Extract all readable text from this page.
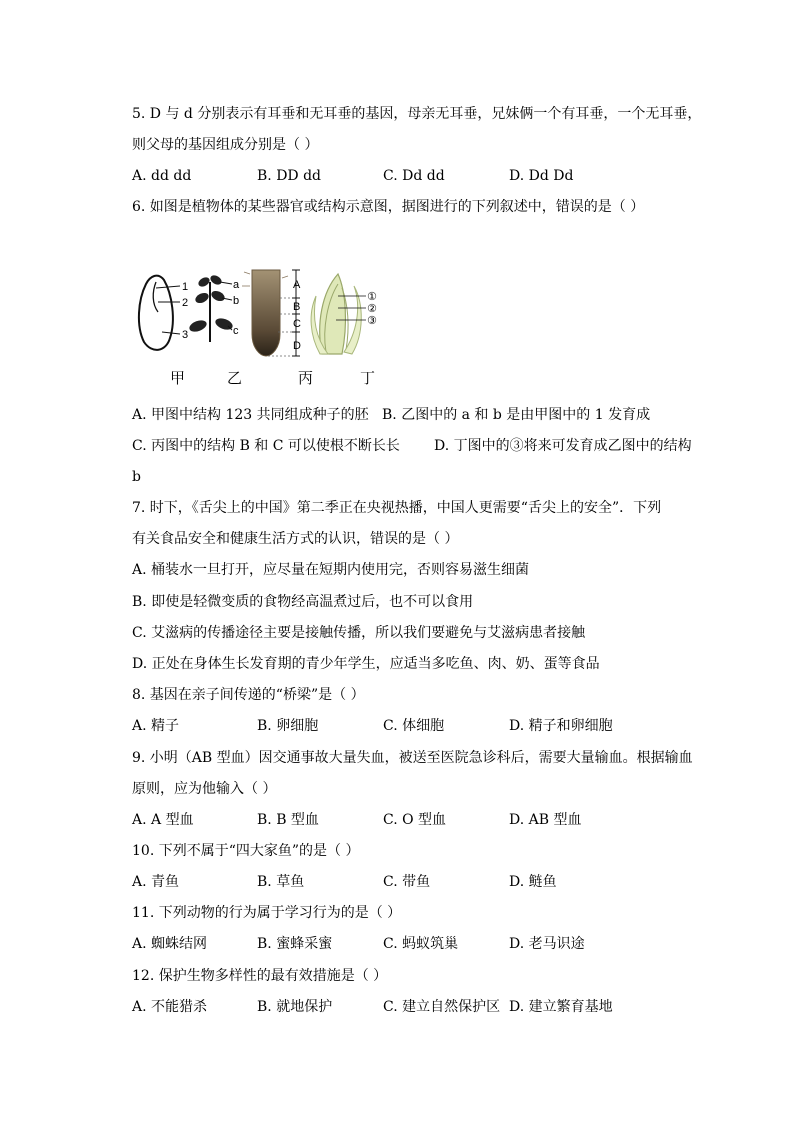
5. D 与 d 分别表示有耳垂和无耳垂的基因，母亲无耳垂，兄妹俩一个有耳垂，一个无耳垂，
则父母的基因组成分别是（ ）
A. dd dd	B. DD dd	C. Dd dd	D. Dd Dd
6. 如图是植物体的某些器官或结构示意图，据图进行的下列叙述中，错误的是（ ）
1
2
3
a
b
c
A
B
C
D
①
②
③
甲	乙	丙	丁
A. 甲图中结构 123 共同组成种子的胚 B. 乙图中的 a 和 b 是由甲图中的 1 发育成
C. 丙图中的结构 B 和 C 可以使根不断长长 D. 丁图中的③将来可发育成乙图中的结构
b
7. 时下，《舌尖上的中国》第二季正在央视热播，中国人更需要“舌尖上的安全”．下列
有关食品安全和健康生活方式的认识，错误的是（ ）
A. 桶装水一旦打开，应尽量在短期内使用完，否则容易滋生细菌
B. 即使是轻微变质的食物经高温煮过后，也不可以食用
C. 艾滋病的传播途径主要是接触传播，所以我们要避免与艾滋病患者接触
D. 正处在身体生长发育期的青少年学生，应适当多吃鱼、肉、奶、蛋等食品
8. 基因在亲子间传递的“桥梁”是（ ）
A. 精子	B. 卵细胞	C. 体细胞	D. 精子和卵细胞
9. 小明（AB 型血）因交通事故大量失血，被送至医院急诊科后，需要大量输血。根据输血
原则，应为他输入（ ）
A. A 型血	B. B 型血	C. O 型血	D. AB 型血
10. 下列不属于“四大家鱼”的是（ ）
A. 青鱼	B. 草鱼	C. 带鱼	D. 鲢鱼
11. 下列动物的行为属于学习行为的是（ ）
A. 蜘蛛结网	B. 蜜蜂采蜜	C. 蚂蚁筑巢	D. 老马识途
12. 保护生物多样性的最有效措施是（ ）
A. 不能猎杀	B. 就地保护	C. 建立自然保护区 D. 建立繁育基地
